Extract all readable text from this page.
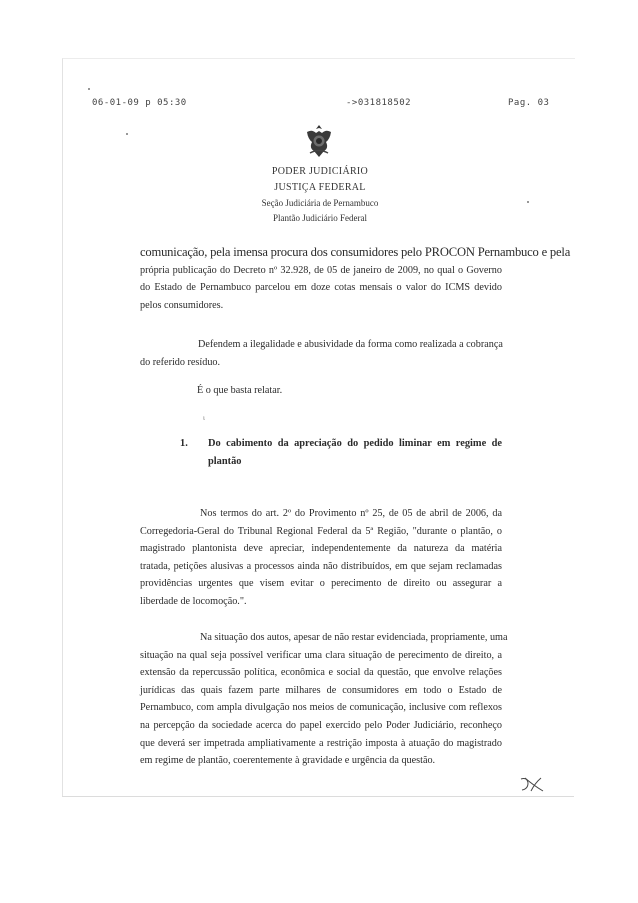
06-01-09 p 05:30	->031818502	Pag. 03
PODER JUDICIÁRIO
JUSTIÇA FEDERAL
Seção Judiciária de Pernambuco
Plantão Judiciário Federal

comunicação, pela imensa procura dos consumidores pelo PROCON Pernambuco e pela
própria publicação do Decreto nº 32.928, de 05 de janeiro de 2009, no qual o Governo
do Estado de Pernambuco parcelou em doze cotas mensais o valor do ICMS devido
pelos consumidores.

Defendem a ilegalidade e abusividade da forma como realizada a cobrança
do referido resíduo.

É o que basta relatar.

ι
1. Do cabimento da apreciação do pedido liminar em regime de
plantão

Nos termos do art. 2º do Provimento nº 25, de 05 de abril de 2006, da
Corregedoria-Geral do Tribunal Regional Federal da 5ª Região, "durante o plantão, o
magistrado plantonista deve apreciar, independentemente da natureza da matéria
tratada, petições alusivas a processos ainda não distribuídos, em que sejam reclamadas
providências urgentes que visem evitar o perecimento de direito ou assegurar a
liberdade de locomoção.".

Na situação dos autos, apesar de não restar evidenciada, propriamente, uma
situação na qual seja possível verificar uma clara situação de perecimento de direito, a
extensão da repercussão política, econômica e social da questão, que envolve relações
jurídicas das quais fazem parte milhares de consumidores em todo o Estado de
Pernambuco, com ampla divulgação nos meios de comunicação, inclusive com reflexos
na percepção da sociedade acerca do papel exercido pelo Poder Judiciário, reconheço
que deverá ser impetrada ampliativamente a restrição imposta à atuação do magistrado
em regime de plantão, coerentemente à gravidade e urgência da questão.
